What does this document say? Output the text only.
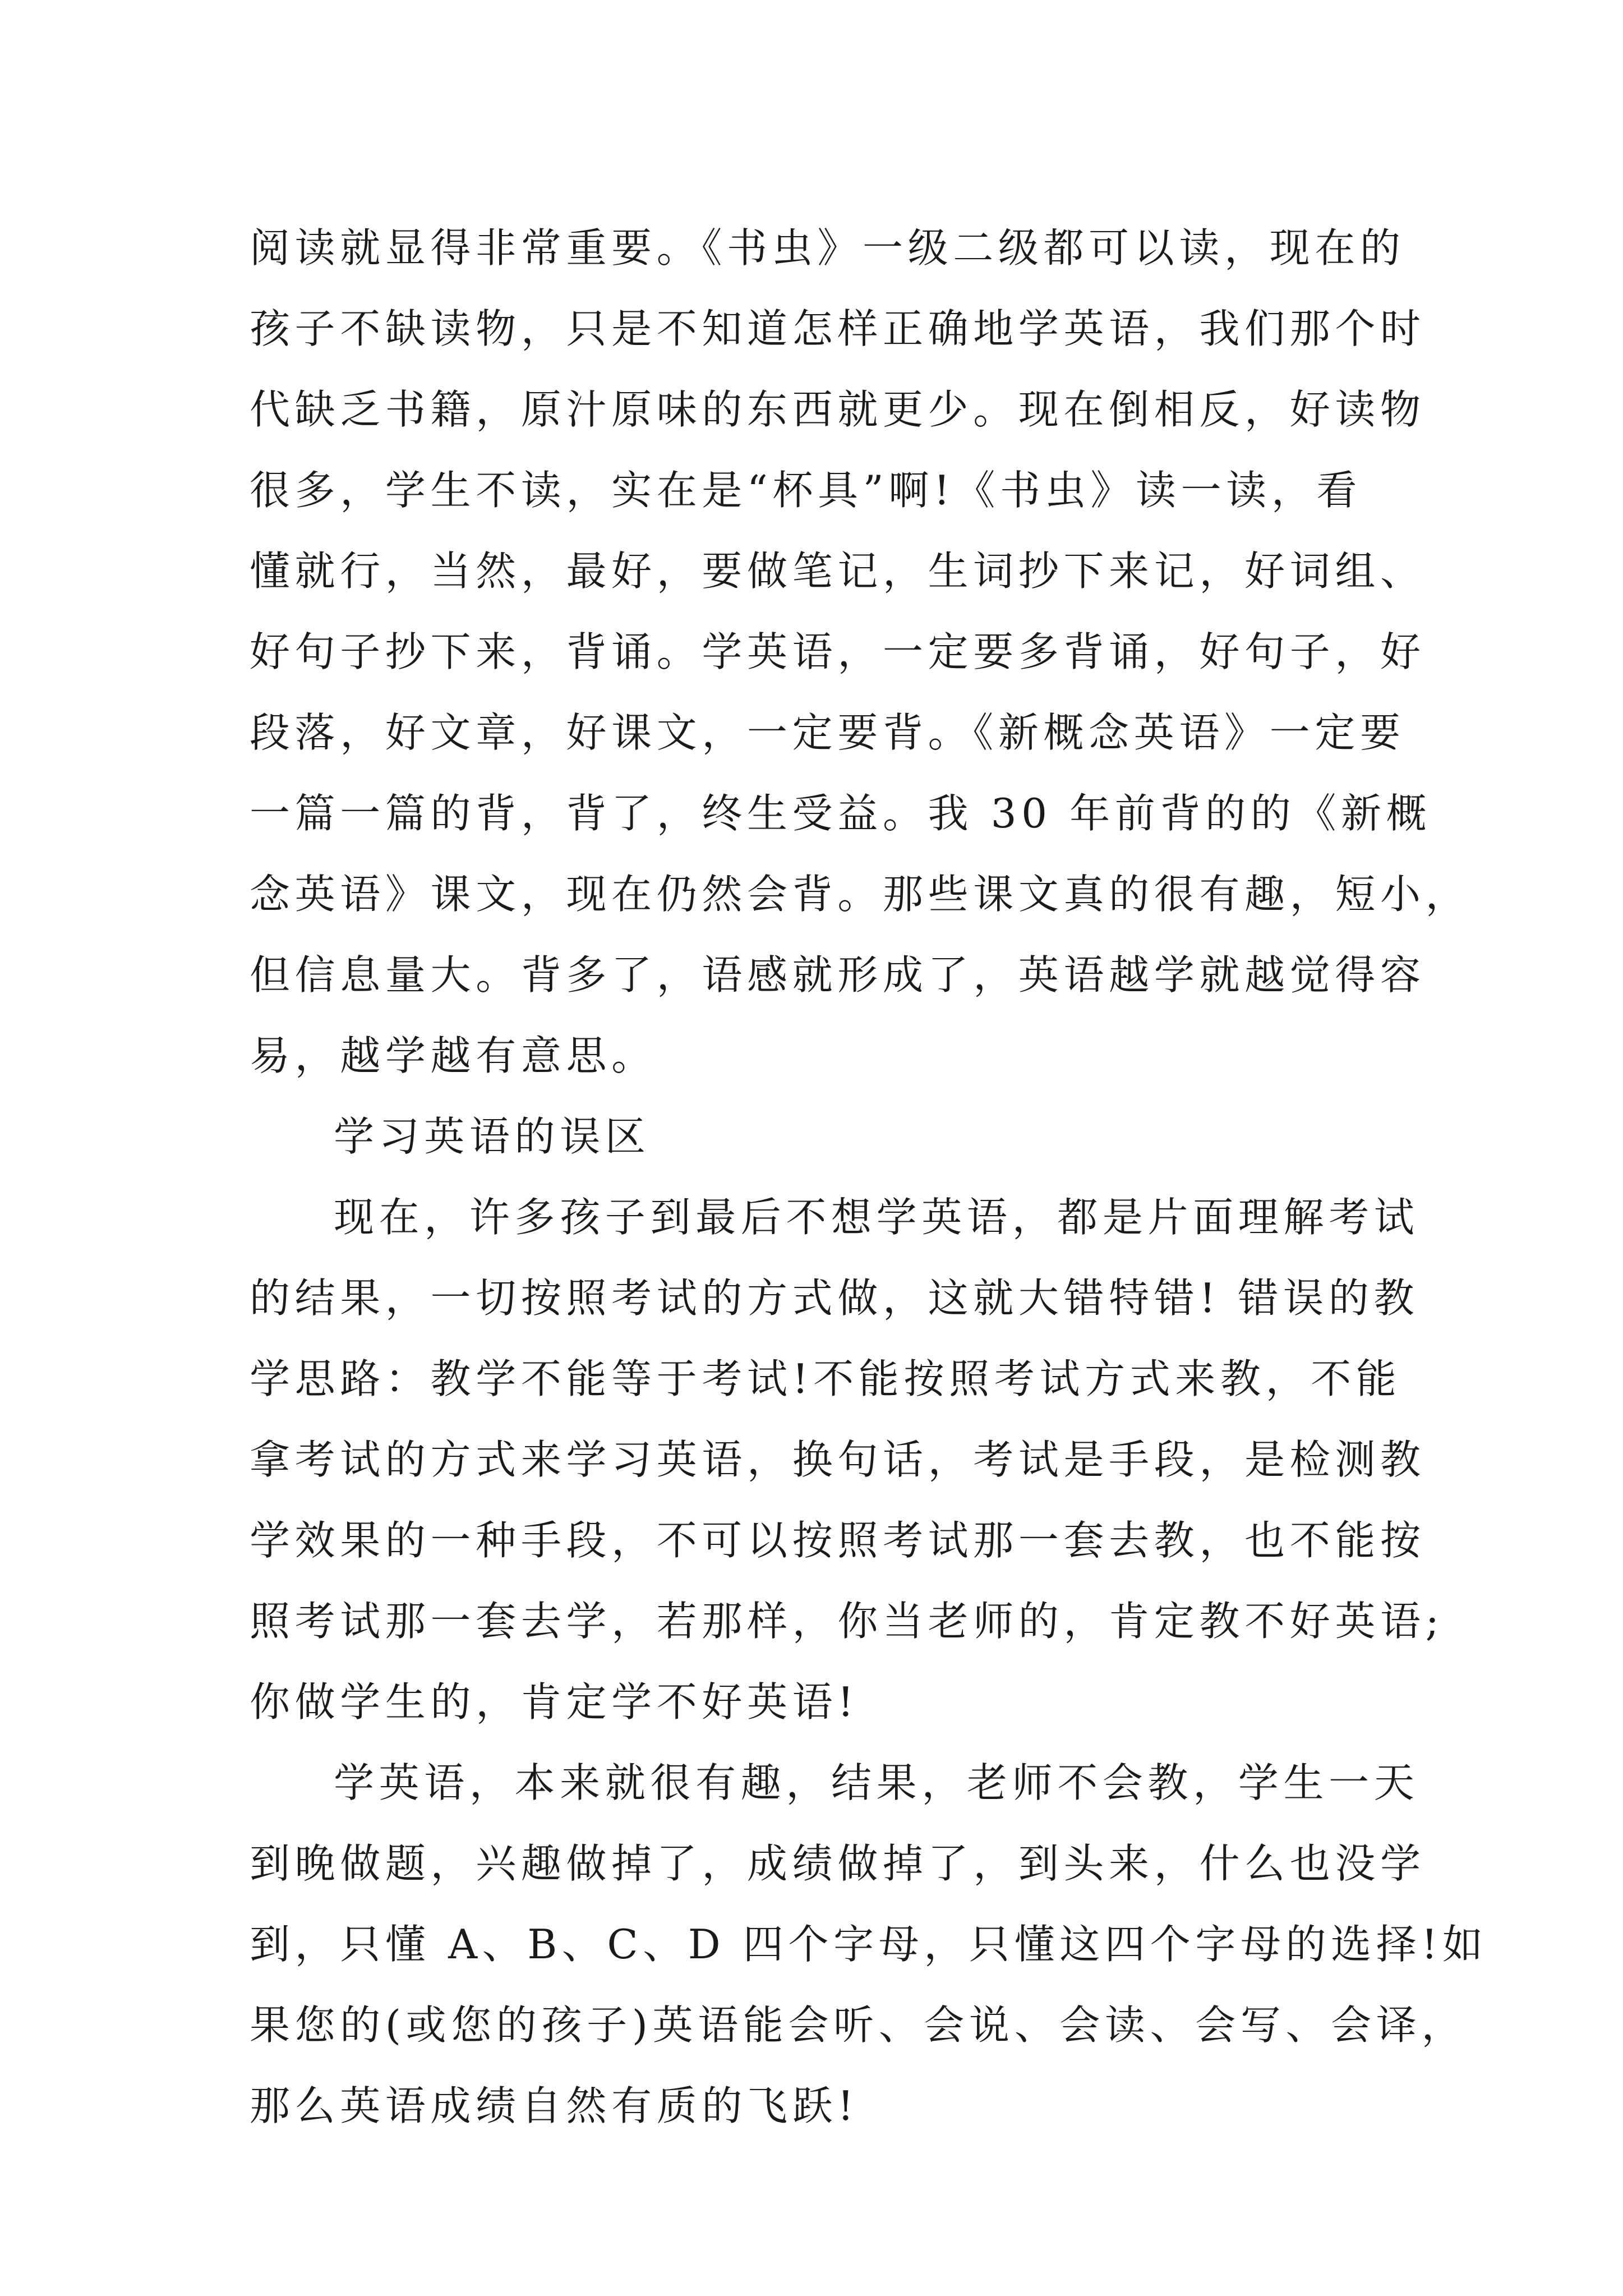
阅读就显得非常重要。《书虫》一级二级都可以读，现在的
孩子不缺读物，只是不知道怎样正确地学英语，我们那个时
代缺乏书籍，原汁原味的东西就更少。现在倒相反，好读物
很多，学生不读，实在是“杯具”啊!《书虫》读一读，看
懂就行，当然，最好，要做笔记，生词抄下来记，好词组、
好句子抄下来，背诵。学英语，一定要多背诵，好句子，好
段落，好文章，好课文，一定要背。《新概念英语》一定要
一篇一篇的背，背了，终生受益。我 30 年前背的的《新概
念英语》课文，现在仍然会背。那些课文真的很有趣，短小，
但信息量大。背多了，语感就形成了，英语越学就越觉得容
易，越学越有意思。
学习英语的误区
现在，许多孩子到最后不想学英语，都是片面理解考试
的结果，一切按照考试的方式做，这就大错特错! 错误的教
学思路：教学不能等于考试!不能按照考试方式来教，不能
拿考试的方式来学习英语，换句话，考试是手段，是检测教
学效果的一种手段，不可以按照考试那一套去教，也不能按
照考试那一套去学，若那样，你当老师的，肯定教不好英语;
你做学生的，肯定学不好英语!
学英语，本来就很有趣，结果，老师不会教，学生一天
到晚做题，兴趣做掉了，成绩做掉了，到头来，什么也没学
到，只懂 A、B、C、D 四个字母，只懂这四个字母的选择!如
果您的(或您的孩子)英语能会听、会说、会读、会写、会译，
那么英语成绩自然有质的飞跃!
